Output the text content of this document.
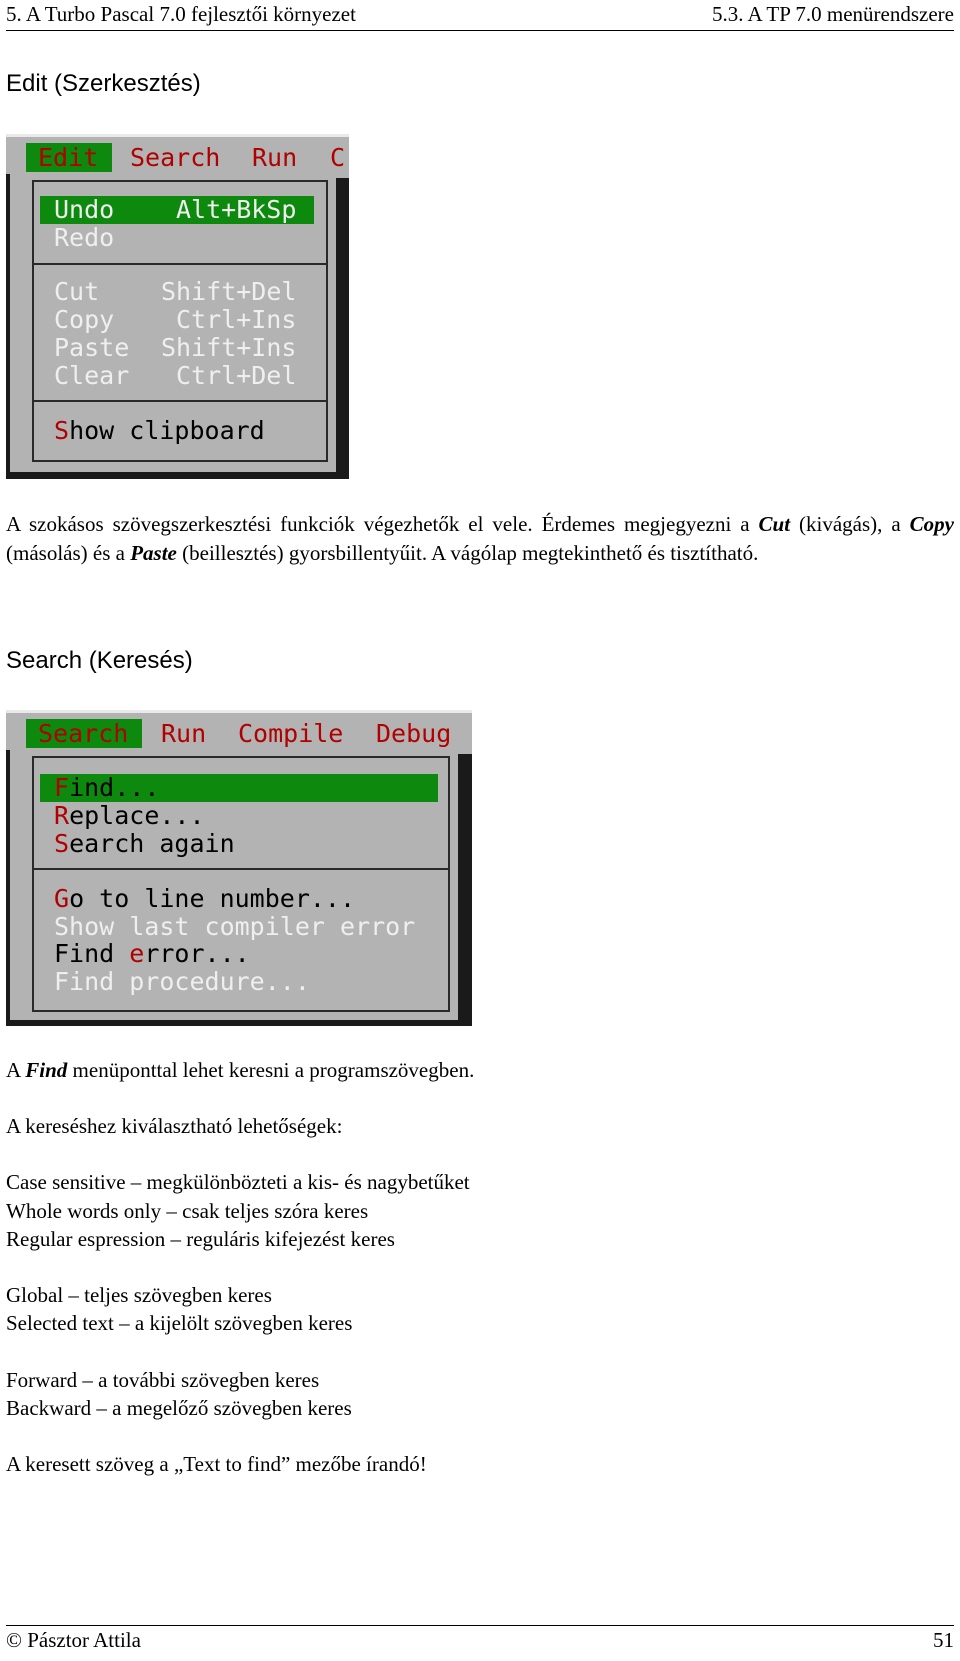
5. A Turbo Pascal 7.0 fejlesztői környezet	5.3. A TP 7.0 menürendszere
Edit (Szerkesztés)
Edit	Search Run C
Undo Alt+BkSp
Redo
Cut Shift+Del
Copy Ctrl+Ins
Paste Shift+Ins
Clear Ctrl+Del
Show clipboard

A szokásos szövegszerkesztési funkciók végezhetők el vele. Érdemes megjegyezni a Cut (kivágás), a Copy (másolás) és a Paste (beillesztés) gyorsbillentyűit. A vágólap megtekinthető és tisztítható.

Search (Keresés)
Search	Run Compile Debug
Find...
Replace...
Search again
Go to line number...
Show last compiler error
Find error...
Find procedure...

A Find menüponttal lehet keresni a programszövegben.

A kereséshez kiválasztható lehetőségek:

Case sensitive – megkülönbözteti a kis- és nagybetűket

Whole words only – csak teljes szóra keres

Regular espression – reguláris kifejezést keres

Global – teljes szövegben keres

Selected text – a kijelölt szövegben keres

Forward – a további szövegben keres

Backward – a megelőző szövegben keres

A keresett szöveg a „Text to find” mezőbe írandó!

© Pásztor Attila	51
